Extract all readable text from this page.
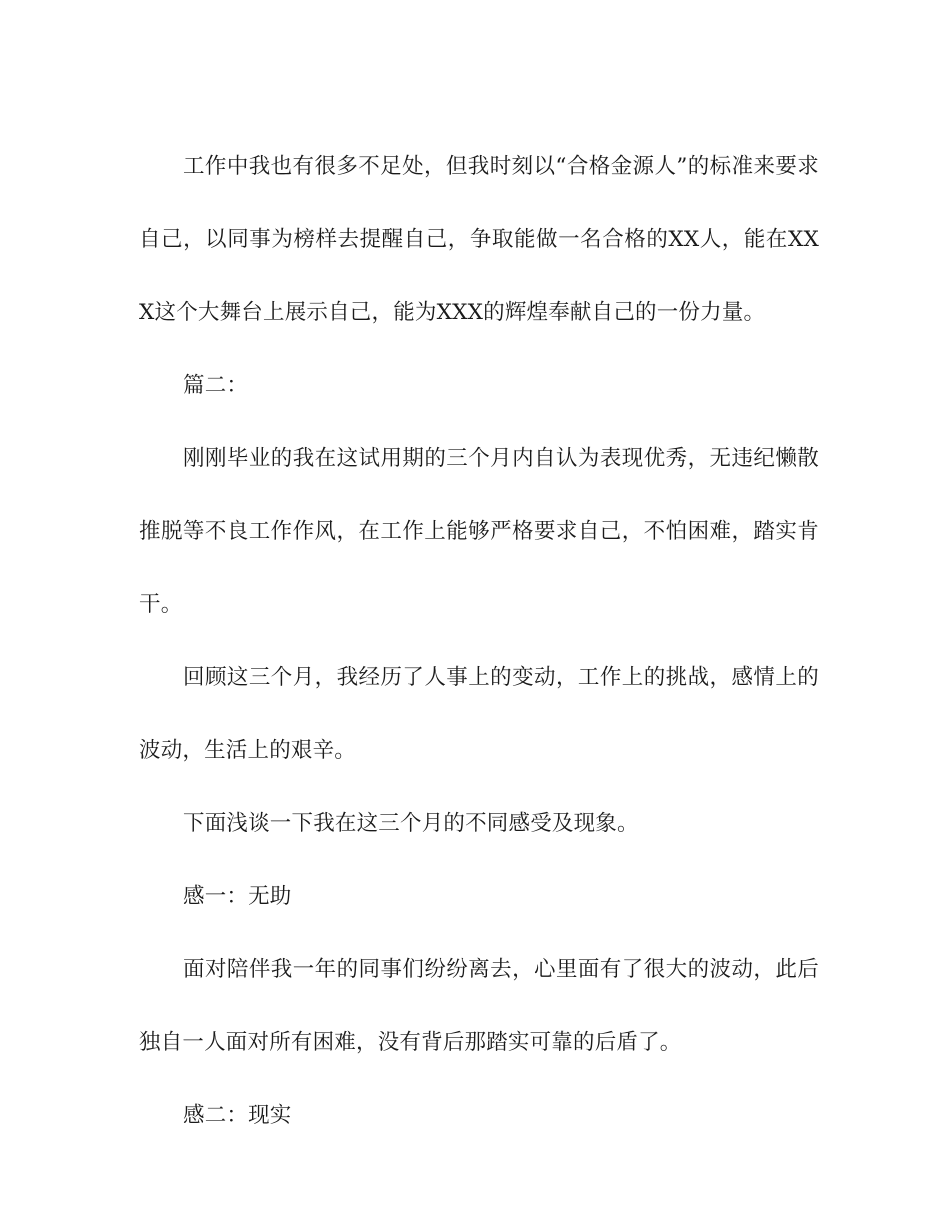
工作中我也有很多不足处，但我时刻以“合格金源人”的标准来要求自己，以同事为榜样去提醒自己，争取能做一名合格的XX人，能在XXX这个大舞台上展示自己，能为XXX的辉煌奉献自己的一份力量。

篇二：

刚刚毕业的我在这试用期的三个月内自认为表现优秀，无违纪懒散推脱等不良工作作风，在工作上能够严格要求自己，不怕困难，踏实肯干。

回顾这三个月，我经历了人事上的变动，工作上的挑战，感情上的波动，生活上的艰辛。

下面浅谈一下我在这三个月的不同感受及现象。

感一：无助

面对陪伴我一年的同事们纷纷离去，心里面有了很大的波动，此后独自一人面对所有困难，没有背后那踏实可靠的后盾了。

感二：现实
